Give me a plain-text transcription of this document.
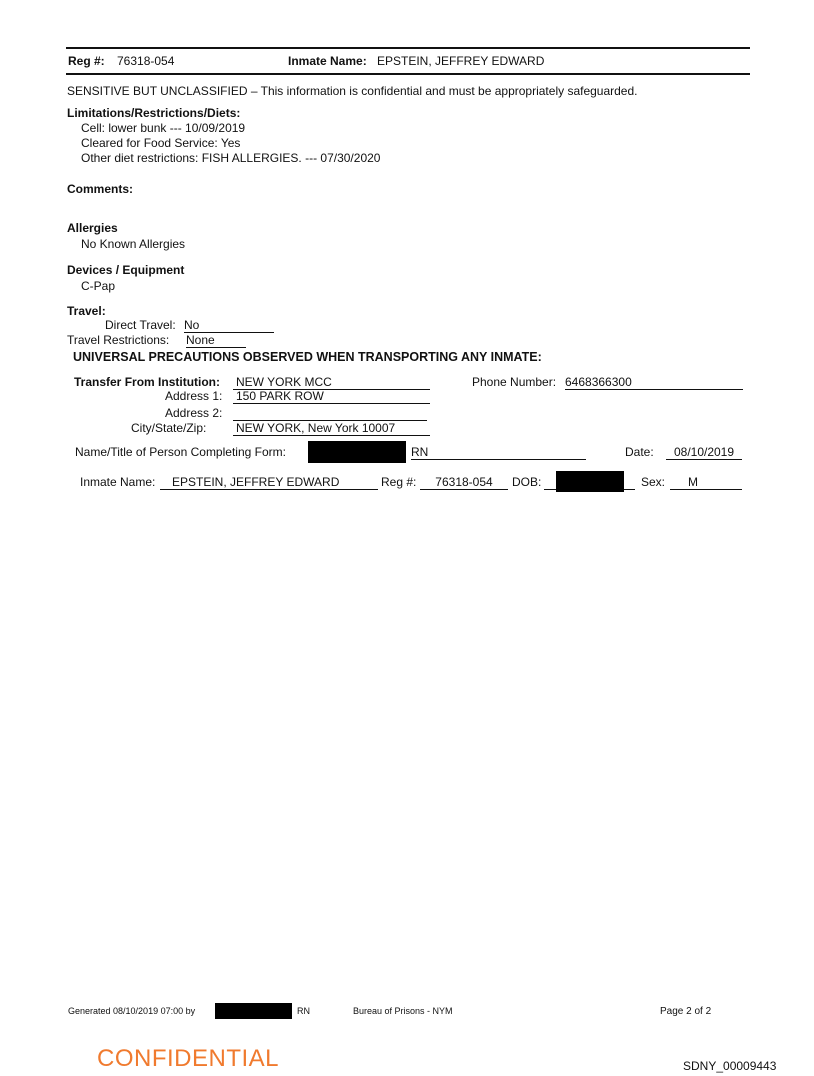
Reg #: 76318-054	Inmate Name: EPSTEIN, JEFFREY EDWARD
SENSITIVE BUT UNCLASSIFIED – This information is confidential and must be appropriately safeguarded.
Limitations/Restrictions/Diets:
Cell: lower bunk --- 10/09/2019
Cleared for Food Service: Yes
Other diet restrictions: FISH ALLERGIES. --- 07/30/2020
Comments:
Allergies
No Known Allergies
Devices / Equipment
C-Pap
Travel:
Direct Travel: No
Travel Restrictions: None
UNIVERSAL PRECAUTIONS OBSERVED WHEN TRANSPORTING ANY INMATE:
Transfer From Institution: NEW YORK MCC	Phone Number: 6468366300
Address 1: 150 PARK ROW
Address 2:
City/State/Zip: NEW YORK, New York 10007
Name/Title of Person Completing Form:	RN	Date:	08/10/2019
Inmate Name:	EPSTEIN, JEFFREY EDWARD	Reg #:	76318-054	DOB:	Sex:	M
Generated 08/10/2019 07:00 by	RN	Bureau of Prisons - NYM	Page 2 of 2
CONFIDENTIAL	SDNY_00009443
